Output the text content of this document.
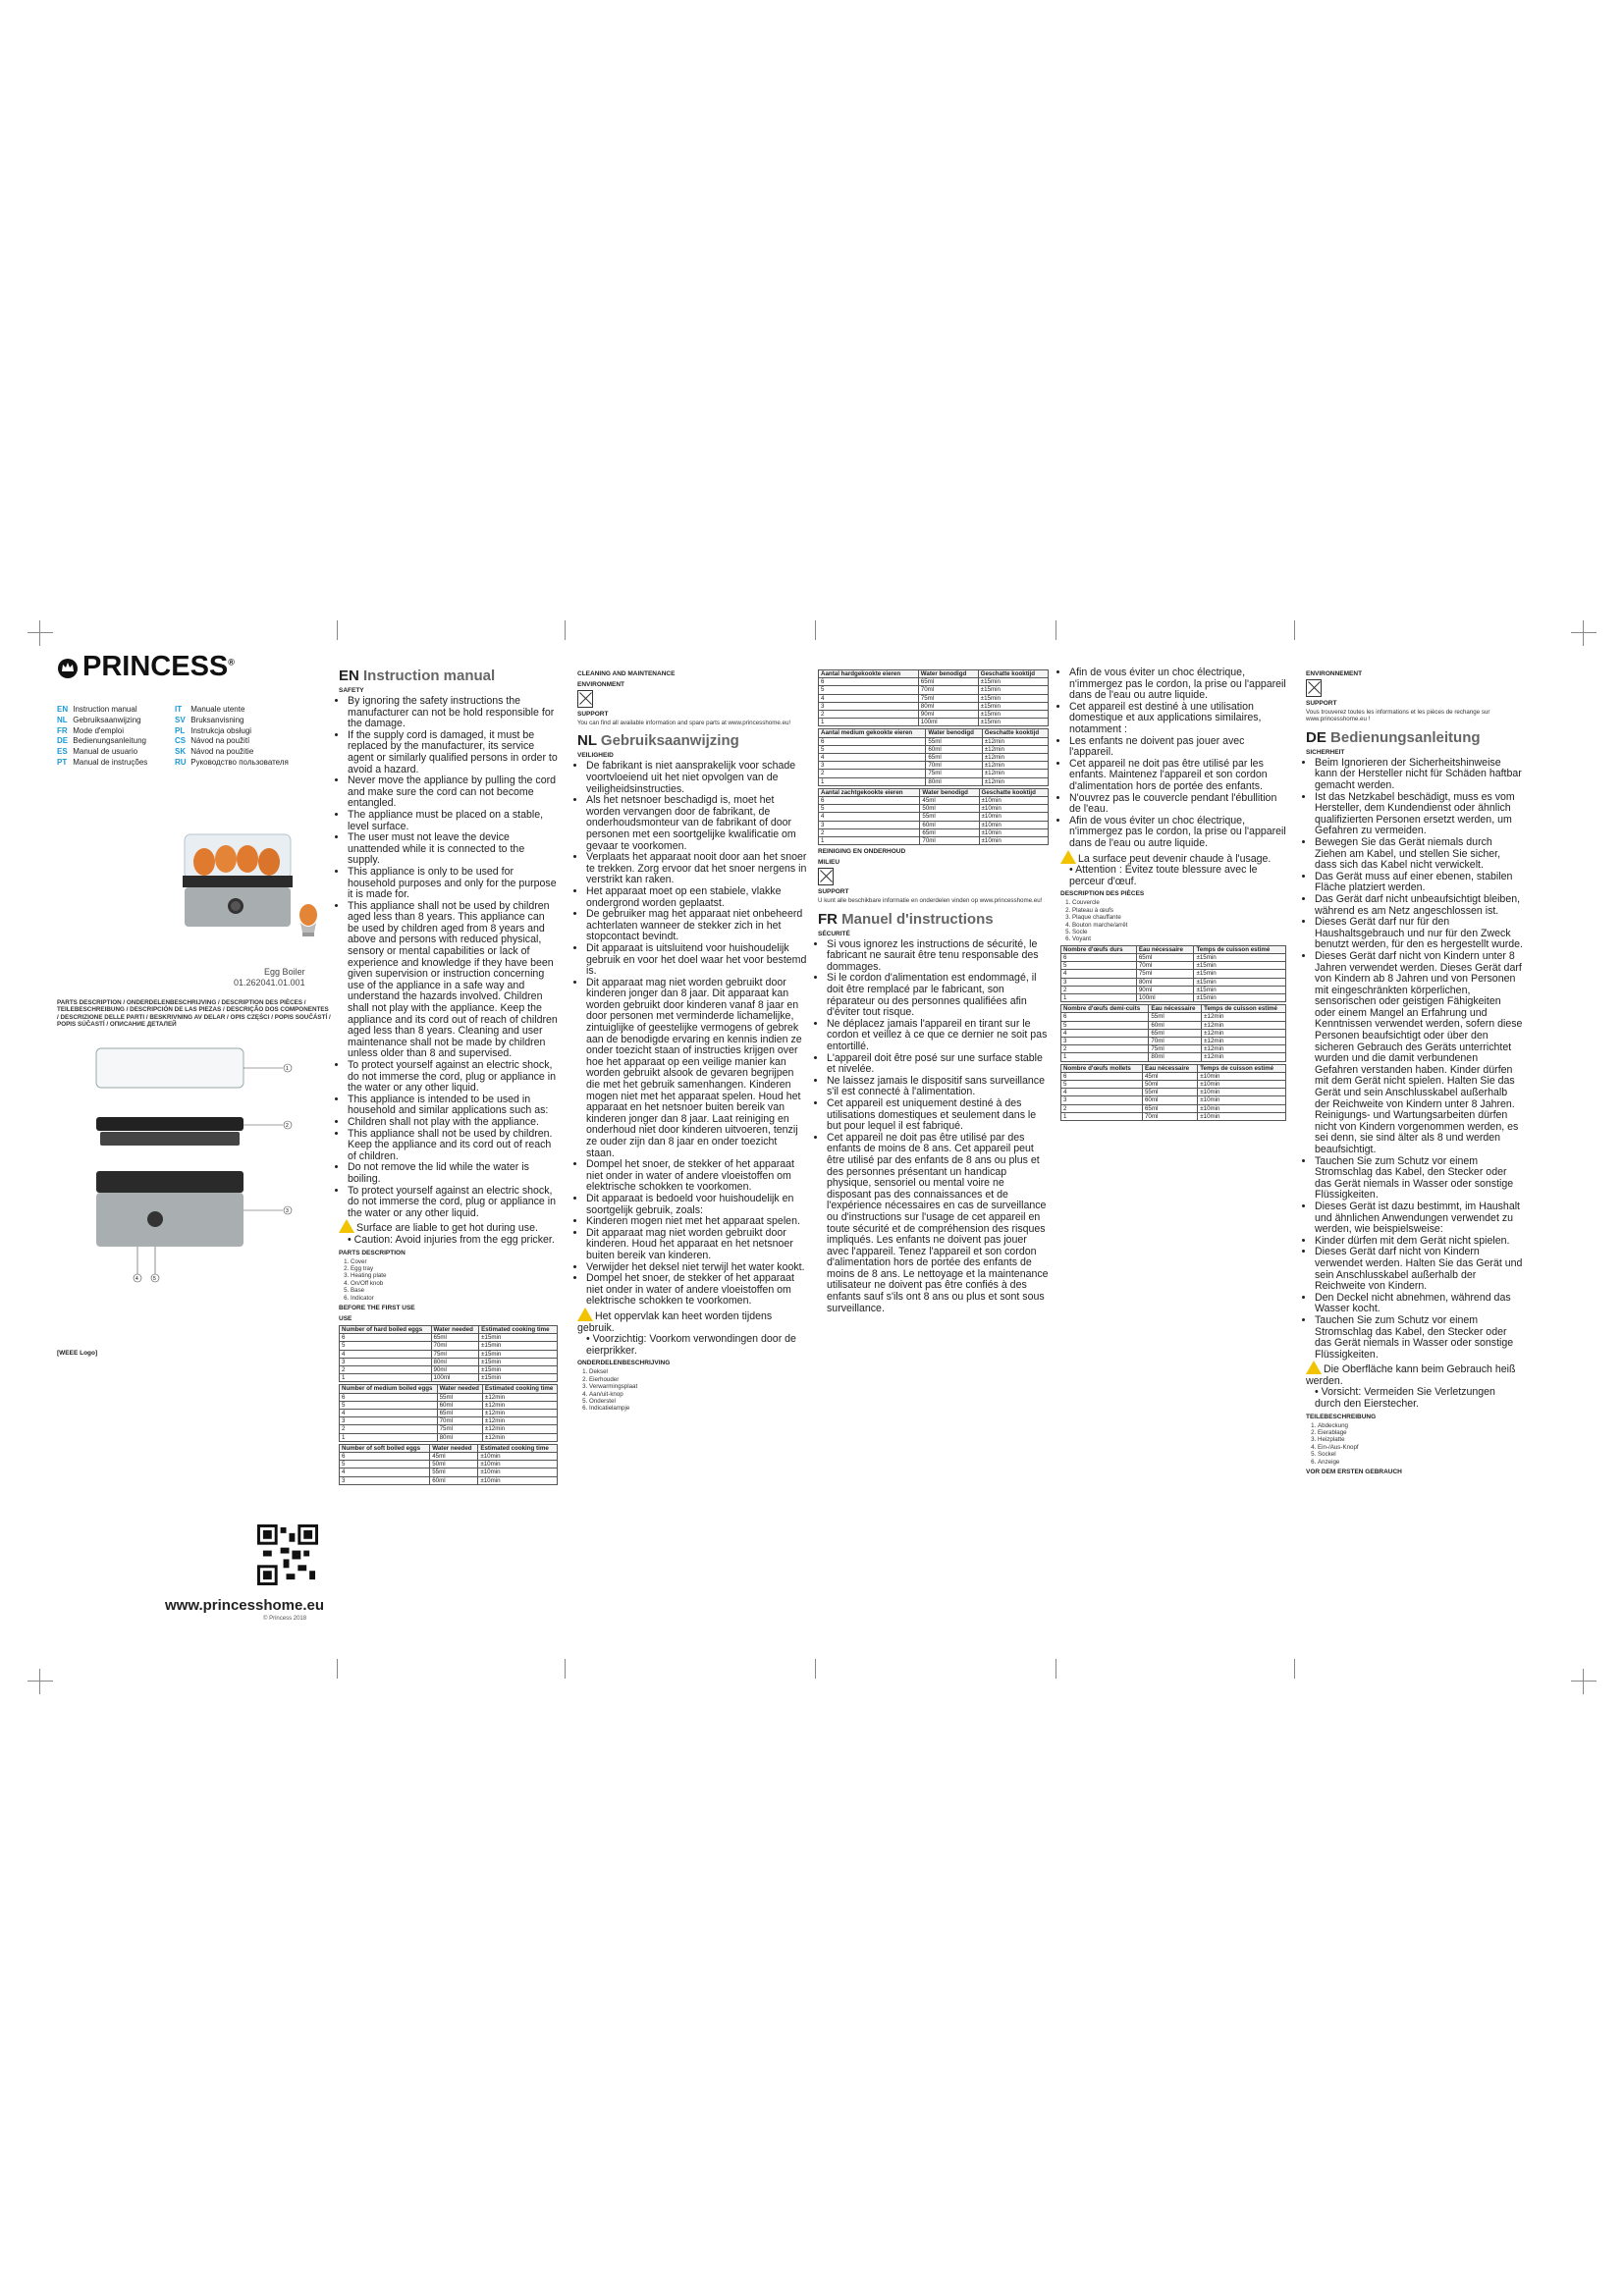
PRINCESS®
EN Instruction manual
NL Gebruiksaanwijzing
FR Mode d'emploi
DE Bedienungsanleitung
ES Manual de usuario
PT Manual de instruções
IT Manuale utente
SV Bruksanvisning
PL Instrukcja obsługi
CS Návod na použití
SK Návod na použitie
RU Руководство пользователя
Egg Boiler
01.262041.01.001
PARTS DESCRIPTION / ONDERDELENBESCHRIJVING / DESCRIPTION DES PIÈCES / TEILEBESCHREIBUNG / DESCRIPCIÓN DE LAS PIEZAS / DESCRIÇÃO DOS COMPONENTES / DESCRIZIONE DELLE PARTI / BESKRIVNING AV DELAR / OPIS CZĘŚCI / POPIS SOUČÁSTÍ / POPIS SÚČASTÍ / ОПИСАНИЕ ДЕТАЛЕЙ
1
2
3
4	5
[WEEE Logo]
www.princesshome.eu
© Princess 2018
EN Instruction manual
SAFETY
• By ignoring the safety instructions the manufacturer can not be hold responsible for the damage.
• If the supply cord is damaged, it must be replaced by the manufacturer, its service agent or similarly qualified persons in order to avoid a hazard.
• Never move the appliance by pulling the cord and make sure the cord can not become entangled.
• The appliance must be placed on a stable, level surface.
• The user must not leave the device unattended while it is connected to the supply.
• This appliance is only to be used for household purposes and only for the purpose it is made for.
• This appliance shall not be used by children aged less than 8 years. This appliance can be used by children aged from 8 years and above and persons with reduced physical, sensory or mental capabilities or lack of experience and knowledge if they have been given supervision or instruction concerning use of the appliance in a safe way and understand the hazards involved. Children shall not play with the appliance. Keep the appliance and its cord out of reach of children aged less than 8 years. Cleaning and user maintenance shall not be made by children unless older than 8 and supervised.
• To protect yourself against an electric shock, do not immerse the cord, plug or appliance in the water or any other liquid.
• This appliance is intended to be used in household and similar applications such as:
• Children shall not play with the appliance.
• This appliance shall not be used by children. Keep the appliance and its cord out of reach of children.
• Do not remove the lid while the water is boiling.
• To protect yourself against an electric shock, do not immerse the cord, plug or appliance in the water or any other liquid.
Surface are liable to get hot during use.
• Caution: Avoid injuries from the egg pricker.
PARTS DESCRIPTION
1. Cover
2. Egg tray
3. Heating plate
4. On/Off knob
5. Base
6. Indicator
BEFORE THE FIRST USE
USE
Number of hard boiled eggs	Water needed	Estimated cooking time
6	65ml	±15min
5	70ml	±15min
4	75ml	±15min
3	80ml	±15min
2	90ml	±15min
1	100ml	±15min
Number of medium boiled eggs	Water needed	Estimated cooking time
6	55ml	±12min
5	60ml	±12min
4	65ml	±12min
3	70ml	±12min
2	75ml	±12min
1	80ml	±12min
Number of soft boiled eggs	Water needed	Estimated cooking time
6	45ml	±10min
5	50ml	±10min
4	55ml	±10min
3	60ml	±10min
CLEANING AND MAINTENANCE
ENVIRONMENT
SUPPORT
You can find all available information and spare parts at www.princesshome.eu!
NL Gebruiksaanwijzing
VEILIGHEID
• De fabrikant is niet aansprakelijk voor schade voortvloeiend uit het niet opvolgen van de veiligheidsinstructies.
• Als het netsnoer beschadigd is, moet het worden vervangen door de fabrikant, de onderhoudsmonteur van de fabrikant of door personen met een soortgelijke kwalificatie om gevaar te voorkomen.
• Verplaats het apparaat nooit door aan het snoer te trekken. Zorg ervoor dat het snoer nergens in verstrikt kan raken.
• Het apparaat moet op een stabiele, vlakke ondergrond worden geplaatst.
• De gebruiker mag het apparaat niet onbeheerd achterlaten wanneer de stekker zich in het stopcontact bevindt.
• Dit apparaat is uitsluitend voor huishoudelijk gebruik en voor het doel waar het voor bestemd is.
• Dit apparaat mag niet worden gebruikt door kinderen jonger dan 8 jaar. Dit apparaat kan worden gebruikt door kinderen vanaf 8 jaar en door personen met verminderde lichamelijke, zintuiglijke of geestelijke vermogens of gebrek aan de benodigde ervaring en kennis indien ze onder toezicht staan of instructies krijgen over hoe het apparaat op een veilige manier kan worden gebruikt alsook de gevaren begrijpen die met het gebruik samenhangen. Kinderen mogen niet met het apparaat spelen. Houd het apparaat en het netsnoer buiten bereik van kinderen jonger dan 8 jaar. Laat reiniging en onderhoud niet door kinderen uitvoeren, tenzij ze ouder zijn dan 8 jaar en onder toezicht staan.
• Dompel het snoer, de stekker of het apparaat niet onder in water of andere vloeistoffen om elektrische schokken te voorkomen.
• Dit apparaat is bedoeld voor huishoudelijk en soortgelijk gebruik, zoals:
• Kinderen mogen niet met het apparaat spelen.
• Dit apparaat mag niet worden gebruikt door kinderen. Houd het apparaat en het netsnoer buiten bereik van kinderen.
• Verwijder het deksel niet terwijl het water kookt.
• Dompel het snoer, de stekker of het apparaat niet onder in water of andere vloeistoffen om elektrische schokken te voorkomen.
Het oppervlak kan heet worden tijdens gebruik.
• Voorzichtig: Voorkom verwondingen door de eierprikker.
ONDERDELENBESCHRIJVING
1. Deksel
2. Eierhouder
3. Verwarmingsplaat
4. Aan/uit-knop
5. Onderstel
6. Indicatielampje
Aantal hardgekookte eieren	Water benodigd	Geschatte kooktijd
6	65ml	±15min
5	70ml	±15min
4	75ml	±15min
3	80ml	±15min
2	90ml	±15min
1	100ml	±15min
Aantal medium gekookte eieren	Water benodigd	Geschatte kooktijd
6	55ml	±12min
5	60ml	±12min
4	65ml	±12min
3	70ml	±12min
2	75ml	±12min
1	80ml	±12min
Aantal zachtgekookte eieren	Water benodigd	Geschatte kooktijd
6	45ml	±10min
5	50ml	±10min
4	55ml	±10min
3	60ml	±10min
2	65ml	±10min
1	70ml	±10min
REINIGING EN ONDERHOUD
MILIEU
SUPPORT
U kunt alle beschikbare informatie en onderdelen vinden op www.princesshome.eu!
FR Manuel d'instructions
SÉCURITÉ
• Si vous ignorez les instructions de sécurité, le fabricant ne saurait être tenu responsable des dommages.
• Si le cordon d'alimentation est endommagé, il doit être remplacé par le fabricant, son réparateur ou des personnes qualifiées afin d'éviter tout risque.
• Ne déplacez jamais l'appareil en tirant sur le cordon et veillez à ce que ce dernier ne soit pas entortillé.
• L'appareil doit être posé sur une surface stable et nivelée.
• Ne laissez jamais le dispositif sans surveillance s'il est connecté à l'alimentation.
• Cet appareil est uniquement destiné à des utilisations domestiques et seulement dans le but pour lequel il est fabriqué.
• Cet appareil ne doit pas être utilisé par des enfants de moins de 8 ans. Cet appareil peut être utilisé par des enfants de 8 ans ou plus et des personnes présentant un handicap physique, sensoriel ou mental voire ne disposant pas des connaissances et de l'expérience nécessaires en cas de surveillance ou d'instructions sur l'usage de cet appareil en toute sécurité et de compréhension des risques impliqués. Les enfants ne doivent pas jouer avec l'appareil. Tenez l'appareil et son cordon d'alimentation hors de portée des enfants de moins de 8 ans. Le nettoyage et la maintenance utilisateur ne doivent pas être confiés à des enfants sauf s'ils ont 8 ans ou plus et sont sous surveillance.
• Afin de vous éviter un choc électrique, n'immergez pas le cordon, la prise ou l'appareil dans de l'eau ou autre liquide.
• Cet appareil est destiné à une utilisation domestique et aux applications similaires, notamment :
• Les enfants ne doivent pas jouer avec l'appareil.
• Cet appareil ne doit pas être utilisé par les enfants. Maintenez l'appareil et son cordon d'alimentation hors de portée des enfants.
• N'ouvrez pas le couvercle pendant l'ébullition de l'eau.
• Afin de vous éviter un choc électrique, n'immergez pas le cordon, la prise ou l'appareil dans de l'eau ou autre liquide.
La surface peut devenir chaude à l'usage.
• Attention : Évitez toute blessure avec le perceur d'œuf.
DESCRIPTION DES PIÈCES
1. Couvercle
2. Plateau à œufs
3. Plaque chauffante
4. Bouton marche/arrêt
5. Socle
6. Voyant
Nombre d'œufs durs	Eau nécessaire	Temps de cuisson estimé
6	65ml	±15min
5	70ml	±15min
4	75ml	±15min
3	80ml	±15min
2	90ml	±15min
1	100ml	±15min
Nombre d'œufs demi-cuits	Eau nécessaire	Temps de cuisson estimé
6	55ml	±12min
5	60ml	±12min
4	65ml	±12min
3	70ml	±12min
2	75ml	±12min
1	80ml	±12min
Nombre d'œufs mollets	Eau nécessaire	Temps de cuisson estimé
6	45ml	±10min
5	50ml	±10min
4	55ml	±10min
3	60ml	±10min
2	65ml	±10min
1	70ml	±10min
ENVIRONNEMENT
SUPPORT
Vous trouverez toutes les informations et les pièces de rechange sur www.princesshome.eu !
DE Bedienungsanleitung
SICHERHEIT
• Beim Ignorieren der Sicherheitshinweise kann der Hersteller nicht für Schäden haftbar gemacht werden.
• Ist das Netzkabel beschädigt, muss es vom Hersteller, dem Kundendienst oder ähnlich qualifizierten Personen ersetzt werden, um Gefahren zu vermeiden.
• Bewegen Sie das Gerät niemals durch Ziehen am Kabel, und stellen Sie sicher, dass sich das Kabel nicht verwickelt.
• Das Gerät muss auf einer ebenen, stabilen Fläche platziert werden.
• Das Gerät darf nicht unbeaufsichtigt bleiben, während es am Netz angeschlossen ist.
• Dieses Gerät darf nur für den Haushaltsgebrauch und nur für den Zweck benutzt werden, für den es hergestellt wurde.
• Dieses Gerät darf nicht von Kindern unter 8 Jahren verwendet werden. Dieses Gerät darf von Kindern ab 8 Jahren und von Personen mit eingeschränkten körperlichen, sensorischen oder geistigen Fähigkeiten oder einem Mangel an Erfahrung und Kenntnissen verwendet werden, sofern diese Personen beaufsichtigt oder über den sicheren Gebrauch des Geräts unterrichtet wurden und die damit verbundenen Gefahren verstanden haben. Kinder dürfen mit dem Gerät nicht spielen. Halten Sie das Gerät und sein Anschlusskabel außerhalb der Reichweite von Kindern unter 8 Jahren. Reinigungs- und Wartungsarbeiten dürfen nicht von Kindern vorgenommen werden, es sei denn, sie sind älter als 8 und werden beaufsichtigt.
• Tauchen Sie zum Schutz vor einem Stromschlag das Kabel, den Stecker oder das Gerät niemals in Wasser oder sonstige Flüssigkeiten.
• Dieses Gerät ist dazu bestimmt, im Haushalt und ähnlichen Anwendungen verwendet zu werden, wie beispielsweise:
• Kinder dürfen mit dem Gerät nicht spielen.
• Dieses Gerät darf nicht von Kindern verwendet werden. Halten Sie das Gerät und sein Anschlusskabel außerhalb der Reichweite von Kindern.
• Den Deckel nicht abnehmen, während das Wasser kocht.
• Tauchen Sie zum Schutz vor einem Stromschlag das Kabel, den Stecker oder das Gerät niemals in Wasser oder sonstige Flüssigkeiten.
Die Oberfläche kann beim Gebrauch heiß werden.
• Vorsicht: Vermeiden Sie Verletzungen durch den Eierstecher.
TEILEBESCHREIBUNG
1. Abdeckung
2. Eierablage
3. Heizplatte
4. Ein-/Aus-Knopf
5. Sockel
6. Anzeige
VOR DEM ERSTEN GEBRAUCH
